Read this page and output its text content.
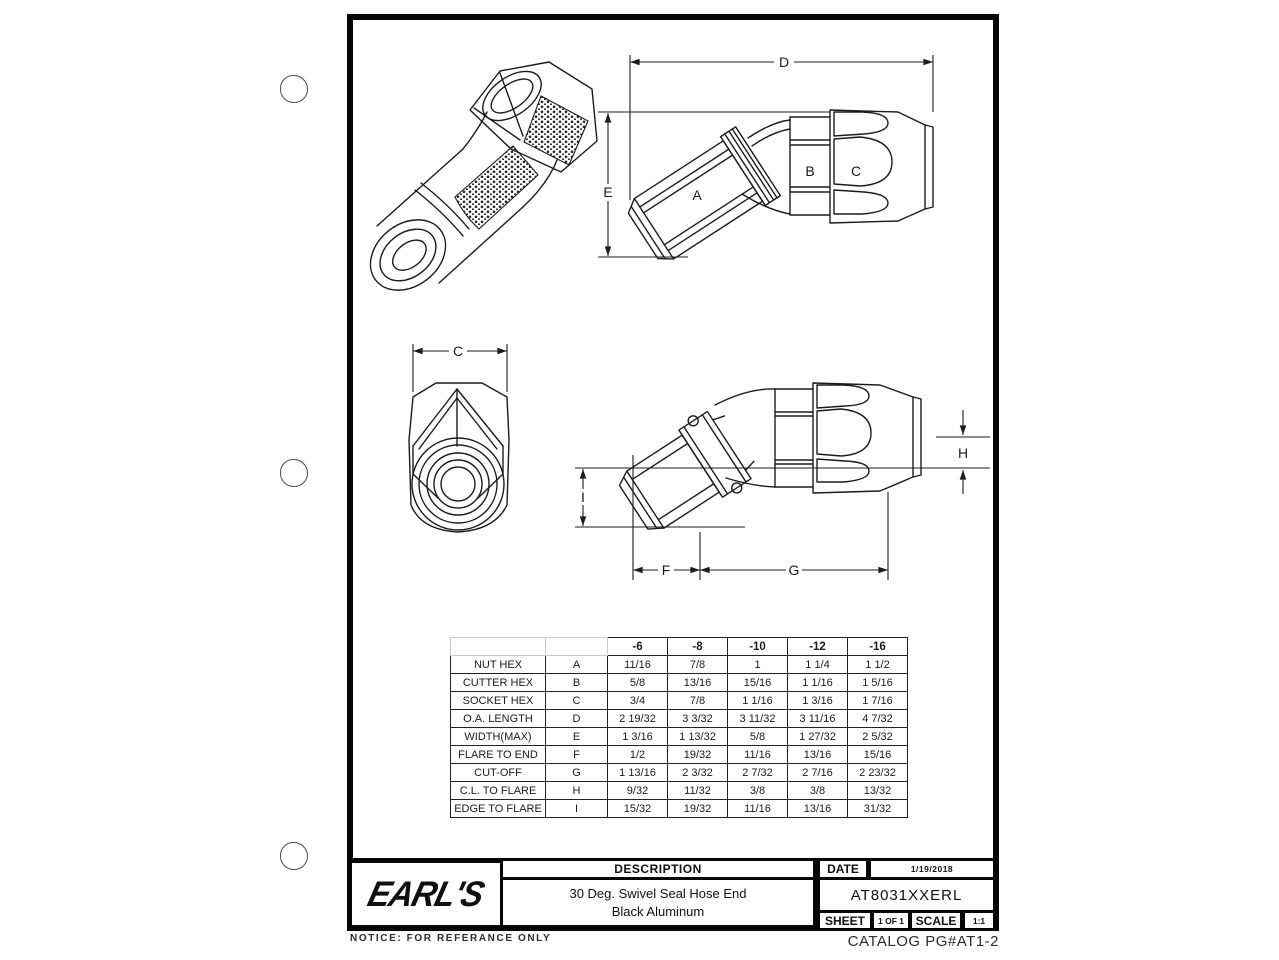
A
B	C
D
E
C
I
F	G
H
		-6	-8	-10	-12	-16
NUT HEX	A	11/16	7/8	1	1 1/4	1 1/2
CUTTER HEX	B	5/8	13/16	15/16	1 1/16	1 5/16
SOCKET HEX	C	3/4	7/8	1 1/16	1 3/16	1 7/16
O.A. LENGTH	D	2 19/32	3 3/32	3 11/32	3 11/16	4 7/32
WIDTH(MAX)	E	1 3/16	1 13/32	5/8	1 27/32	2 5/32
FLARE TO END	F	1/2	19/32	11/16	13/16	15/16
CUT-OFF	G	1 13/16	2 3/32	2 7/32	2 7/16	2 23/32
C.L. TO FLARE	H	9/32	11/32	3/8	3/8	13/32
EDGE TO FLARE	I	15/32	19/32	11/16	13/16	31/32
EARL'S
DESCRIPTION
30 Deg. Swivel Seal Hose End
Black Aluminum
DATE	1/19/2018
AT8031XXERL
SHEET	1 OF 1 SCALE	1:1
NOTICE: FOR REFERANCE ONLY	CATALOG PG#AT1-2
